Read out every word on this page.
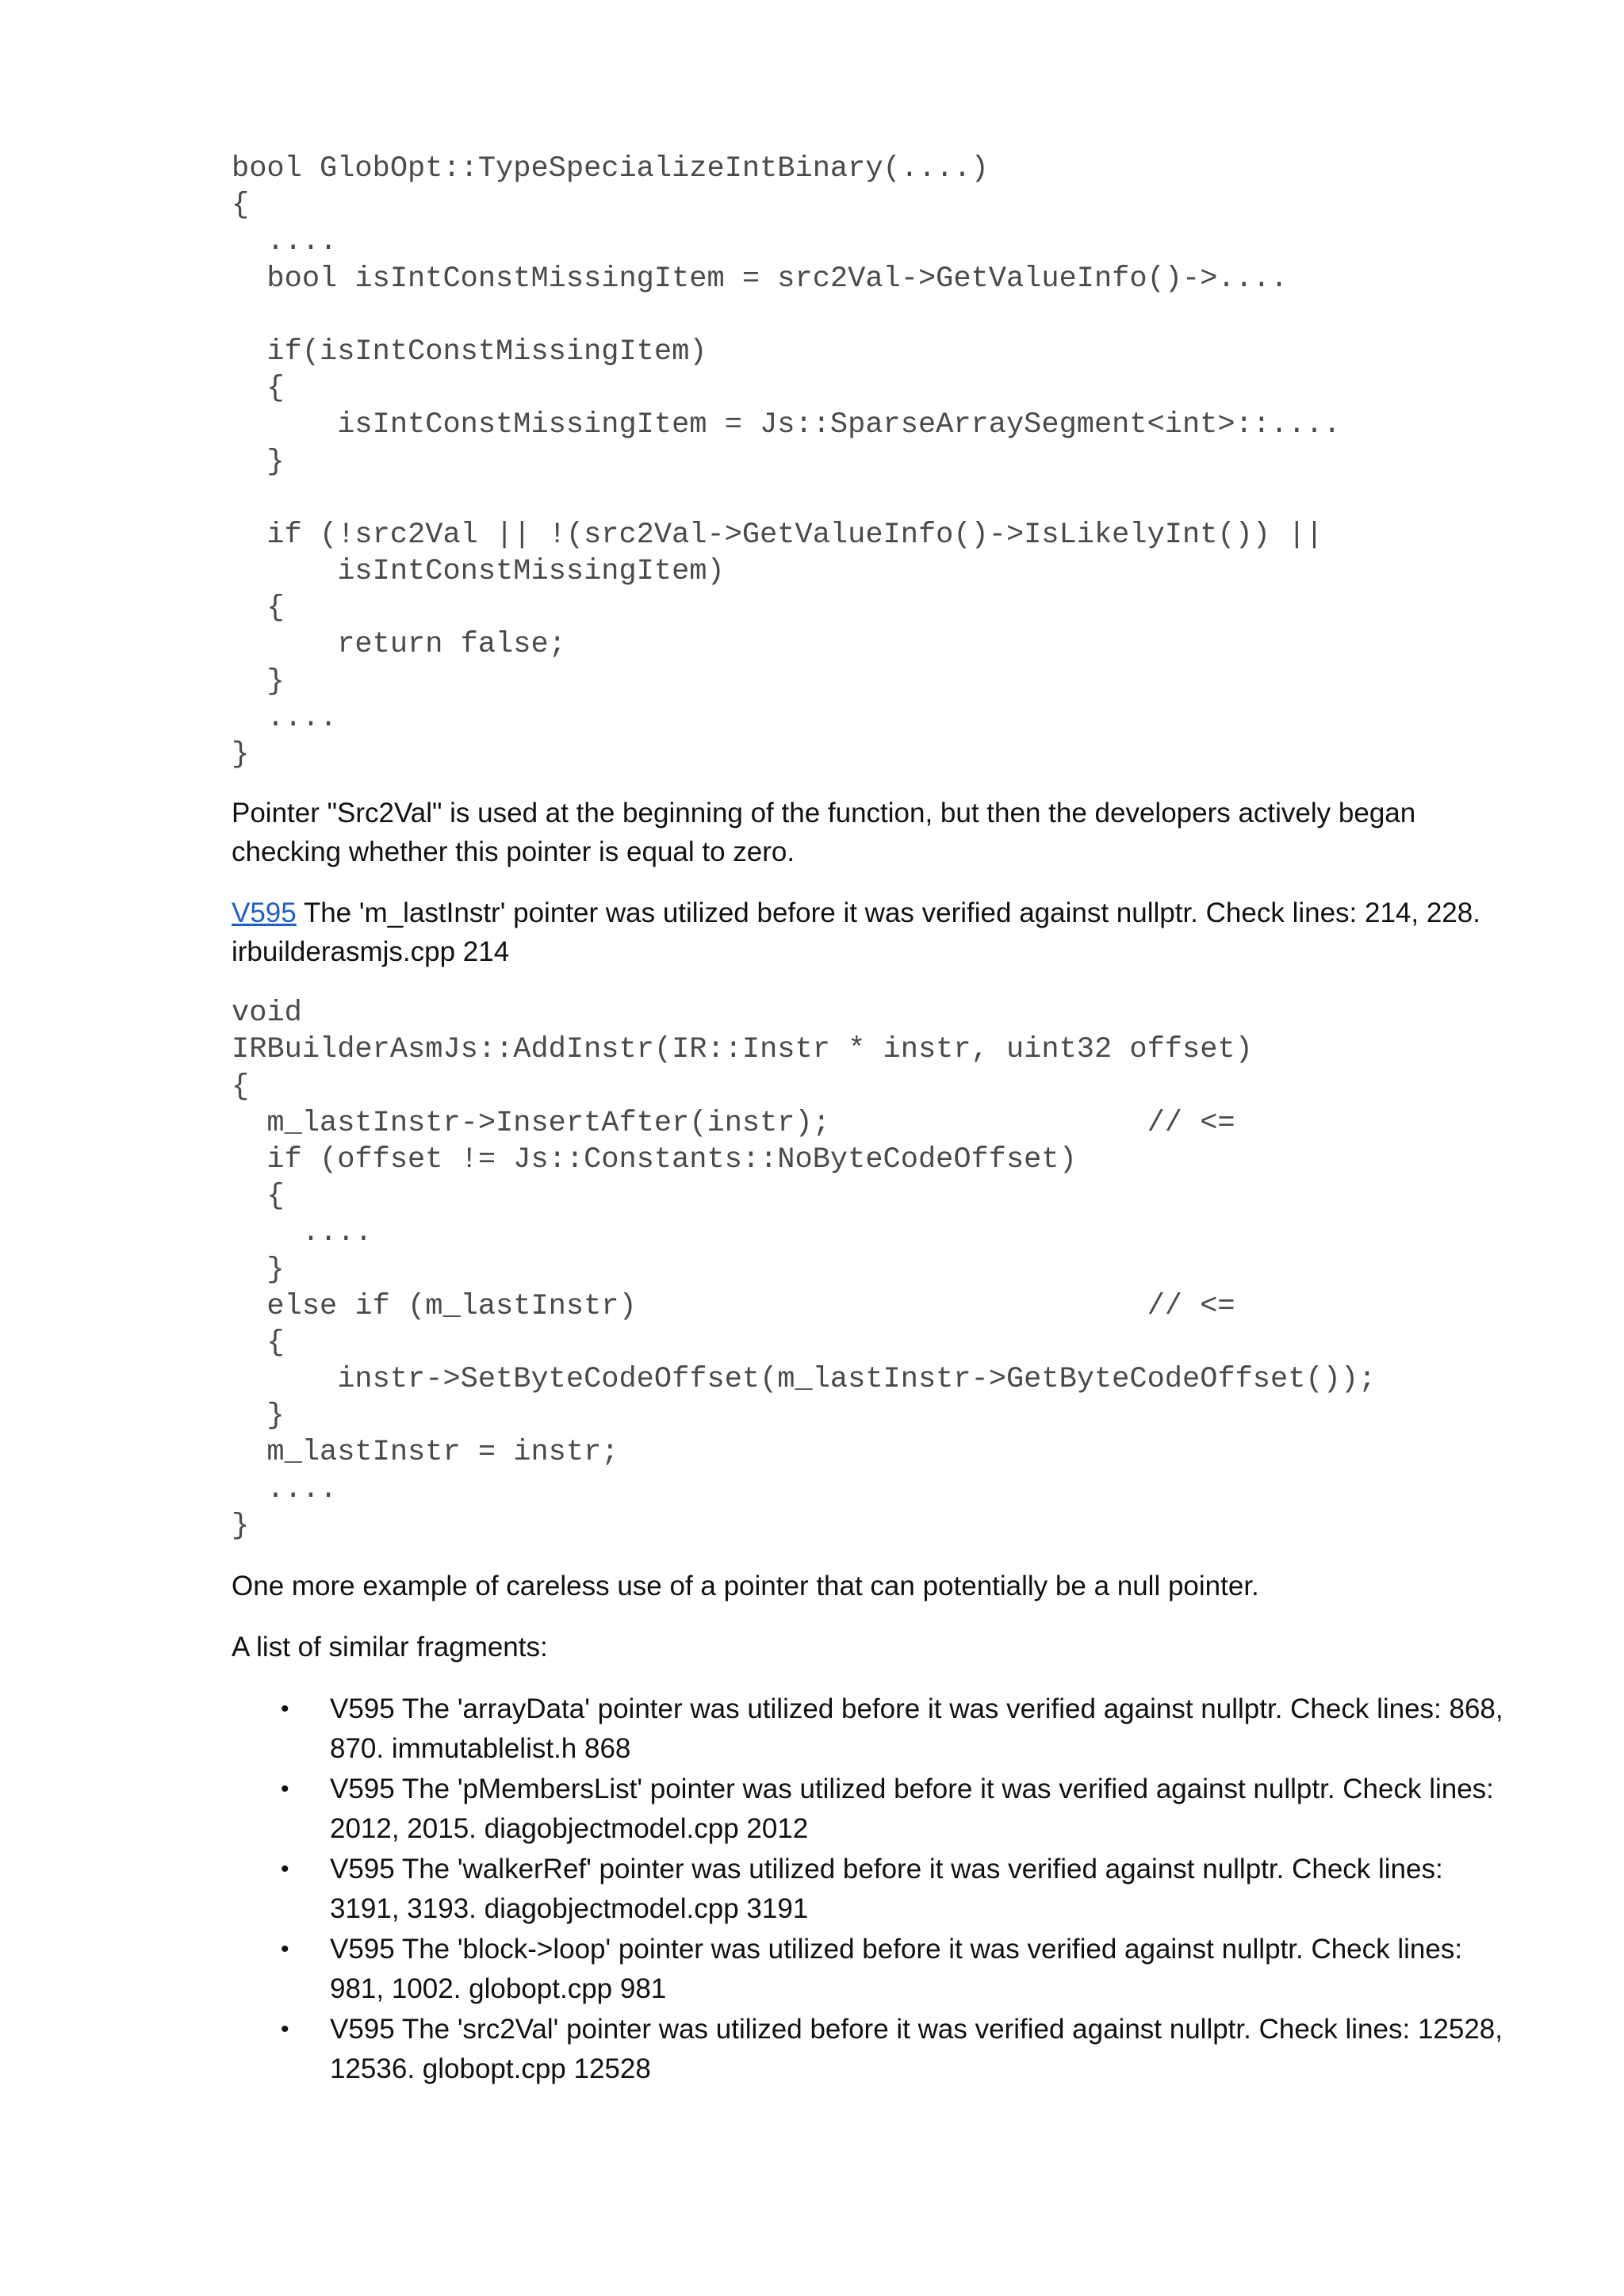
bool GlobOpt::TypeSpecializeIntBinary(....)
{
....
bool isIntConstMissingItem = src2Val->GetValueInfo()->....
if(isIntConstMissingItem)
{
isIntConstMissingItem = Js::SparseArraySegment<int>::....
}
if (!src2Val || !(src2Val->GetValueInfo()->IsLikelyInt()) ||
isIntConstMissingItem)
{
return false;
}
....
}

Pointer "Src2Val" is used at the beginning of the function, but then the developers actively began checking whether this pointer is equal to zero.

V595 The 'm_lastInstr' pointer was utilized before it was verified against nullptr. Check lines: 214, 228. irbuilderasmjs.cpp 214

void
IRBuilderAsmJs::AddInstr(IR::Instr * instr, uint32 offset)
{
m_lastInstr->InsertAfter(instr);                  // <=
if (offset != Js::Constants::NoByteCodeOffset)
{
....
}
else if (m_lastInstr)                             // <=
{
instr->SetByteCodeOffset(m_lastInstr->GetByteCodeOffset());
}
m_lastInstr = instr;
....
}

One more example of careless use of a pointer that can potentially be a null pointer.

A list of similar fragments:

• V595 The 'arrayData' pointer was utilized before it was verified against nullptr. Check lines: 868, 870. immutablelist.h 868
• V595 The 'pMembersList' pointer was utilized before it was verified against nullptr. Check lines: 2012, 2015. diagobjectmodel.cpp 2012
• V595 The 'walkerRef' pointer was utilized before it was verified against nullptr. Check lines: 3191, 3193. diagobjectmodel.cpp 3191
• V595 The 'block->loop' pointer was utilized before it was verified against nullptr. Check lines: 981, 1002. globopt.cpp 981
• V595 The 'src2Val' pointer was utilized before it was verified against nullptr. Check lines: 12528, 12536. globopt.cpp 12528
